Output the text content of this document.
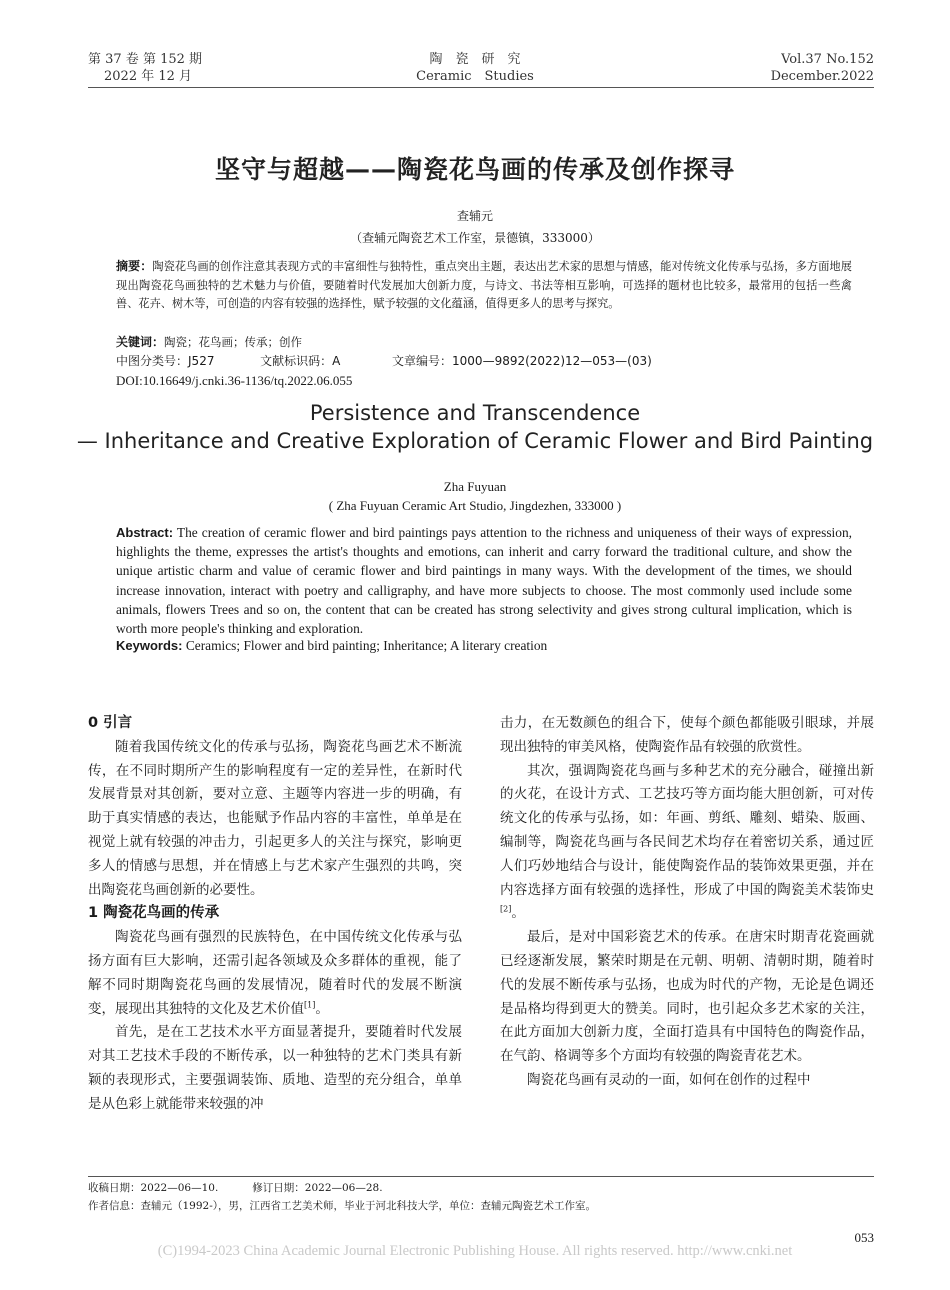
第 37 卷 第 152 期
2022 年 12 月
陶　瓷　研　究
Ceramic　Studies
Vol.37 No.152
December.2022
坚守与超越——陶瓷花鸟画的传承及创作探寻
查辅元
（查辅元陶瓷艺术工作室，景德镇，333000）
摘要：陶瓷花鸟画的创作注意其表现方式的丰富细性与独特性，重点突出主题，表达出艺术家的思想与情感，能对传统文化传承与弘扬，多方面地展现出陶瓷花鸟画独特的艺术魅力与价值，要随着时代发展加大创新力度，与诗文、书法等相互影响，可选择的题材也比较多，最常用的包括一些禽兽、花卉、树木等，可创造的内容有较强的选择性，赋予较强的文化蕴涵，值得更多人的思考与探究。
关键词：陶瓷；花鸟画；传承；创作
中图分类号：J527	文献标识码：A	文章编号：1000—9892(2022)12—053—(03)
DOI:10.16649/j.cnki.36-1136/tq.2022.06.055
Persistence and Transcendence
— Inheritance and Creative Exploration of Ceramic Flower and Bird Painting
Zha Fuyuan
( Zha Fuyuan Ceramic Art Studio, Jingdezhen, 333000 )
Abstract: The creation of ceramic flower and bird paintings pays attention to the richness and uniqueness of their ways of expression, highlights the theme, expresses the artist's thoughts and emotions, can inherit and carry forward the traditional culture, and show the unique artistic charm and value of ceramic flower and bird paintings in many ways. With the development of the times, we should increase innovation, interact with poetry and calligraphy, and have more subjects to choose. The most commonly used include some animals, flowers Trees and so on, the content that can be created has strong selectivity and gives strong cultural implication, which is worth more people's thinking and exploration.
Keywords: Ceramics; Flower and bird painting; Inheritance; A literary creation
0 引言

随着我国传统文化的传承与弘扬，陶瓷花鸟画艺术不断流传，在不同时期所产生的影响程度有一定的差异性，在新时代发展背景对其创新，要对立意、主题等内容进一步的明确，有助于真实情感的表达，也能赋予作品内容的丰富性，单单是在视觉上就有较强的冲击力，引起更多人的关注与探究，影响更多人的情感与思想，并在情感上与艺术家产生强烈的共鸣，突出陶瓷花鸟画创新的必要性。

1 陶瓷花鸟画的传承

陶瓷花鸟画有强烈的民族特色，在中国传统文化传承与弘扬方面有巨大影响，还需引起各领域及众多群体的重视，能了解不同时期陶瓷花鸟画的发展情况，随着时代的发展不断演变，展现出其独特的文化及艺术价值[1]。

首先，是在工艺技术水平方面显著提升，要随着时代发展对其工艺技术手段的不断传承，以一种独特的艺术门类具有新颖的表现形式，主要强调装饰、质地、造型的充分组合，单单是从色彩上就能带来较强的冲

击力，在无数颜色的组合下，使每个颜色都能吸引眼球，并展现出独特的审美风格，使陶瓷作品有较强的欣赏性。

其次，强调陶瓷花鸟画与多种艺术的充分融合，碰撞出新的火花，在设计方式、工艺技巧等方面均能大胆创新，可对传统文化的传承与弘扬，如：年画、剪纸、雕刻、蜡染、版画、编制等，陶瓷花鸟画与各民间艺术均存在着密切关系，通过匠人们巧妙地结合与设计，能使陶瓷作品的装饰效果更强，并在内容选择方面有较强的选择性，形成了中国的陶瓷美术装饰史[2]。

最后，是对中国彩瓷艺术的传承。在唐宋时期青花瓷画就已经逐渐发展，繁荣时期是在元朝、明朝、清朝时期，随着时代的发展不断传承与弘扬，也成为时代的产物，无论是色调还是品格均得到更大的赞美。同时，也引起众多艺术家的关注，在此方面加大创新力度，全面打造具有中国特色的陶瓷作品，在气韵、格调等多个方面均有较强的陶瓷青花艺术。

陶瓷花鸟画有灵动的一面，如何在创作的过程中

收稿日期：2022—06—10.	修订日期：2022—06—28.
作者信息：查辅元（1992-），男，江西省工艺美术师，毕业于河北科技大学，单位：查辅元陶瓷艺术工作室。
053
(C)1994-2023 China Academic Journal Electronic Publishing House. All rights reserved. http://www.cnki.net
